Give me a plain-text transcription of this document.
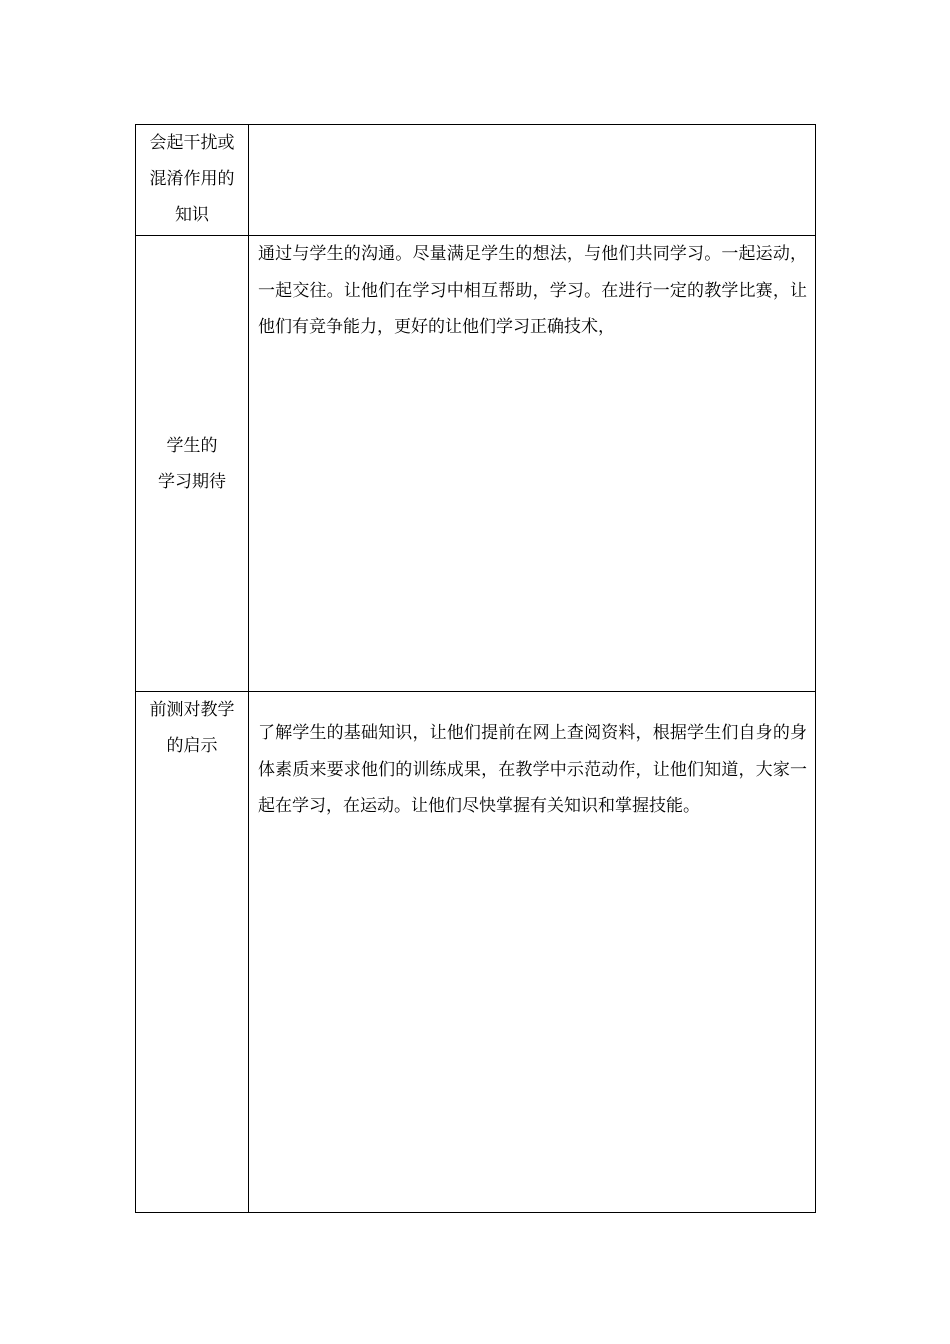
会起干扰或
混淆作用的
知识	

学生的
学习期待	通过与学生的沟通。尽量满足学生的想法，与他们共同学习。一起运动，一起交往。让他们在学习中相互帮助，学习。在进行一定的教学比赛，让他们有竞争能力，更好的让他们学习正确技术，

前测对教学
的启示	了解学生的基础知识，让他们提前在网上查阅资料，根据学生们自身的身体素质来要求他们的训练成果，在教学中示范动作，让他们知道，大家一起在学习，在运动。让他们尽快掌握有关知识和掌握技能。
